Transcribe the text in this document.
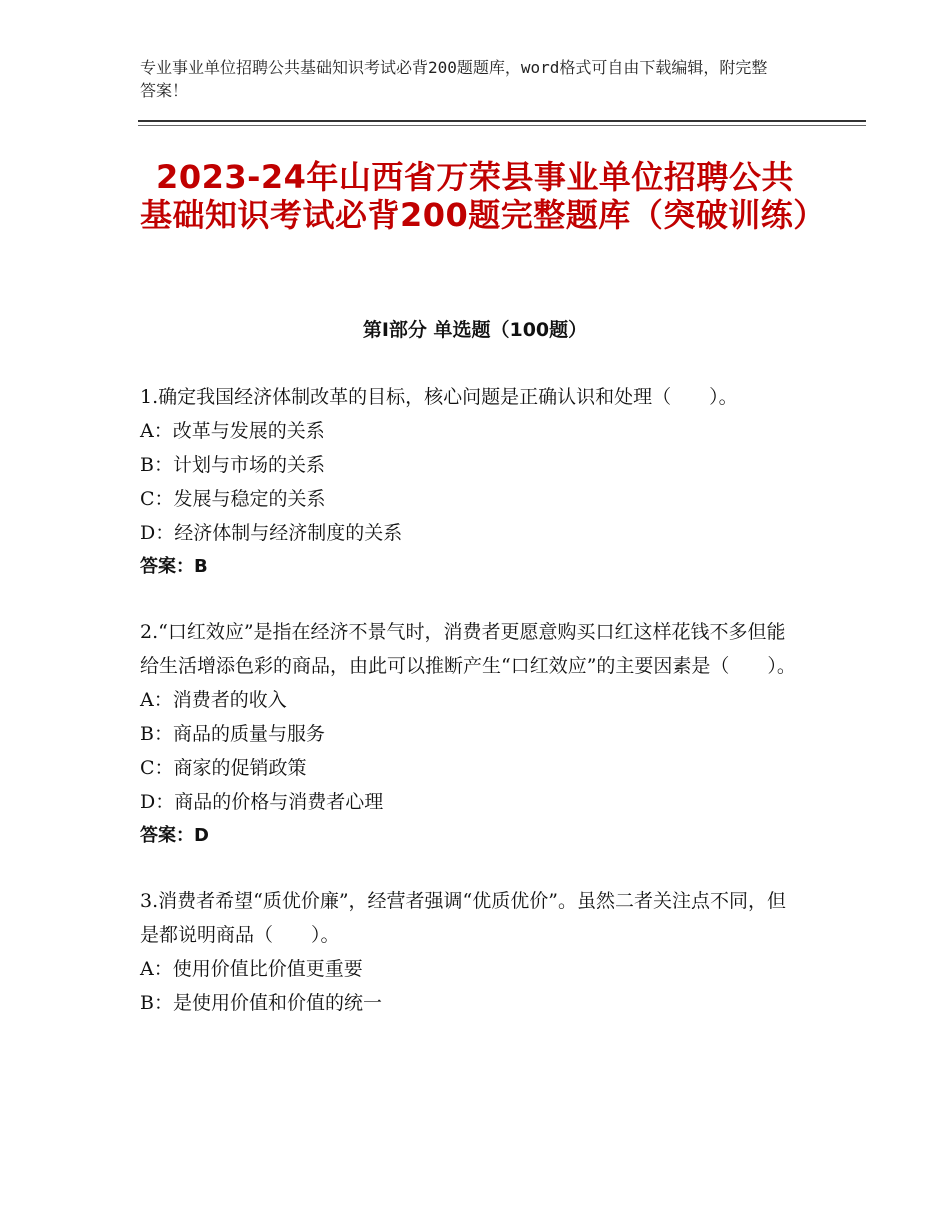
专业事业单位招聘公共基础知识考试必背200题题库，word格式可自由下载编辑，附完整答案！
2023-24年山西省万荣县事业单位招聘公共基础知识考试必背200题完整题库（突破训练）
第Ⅰ部分 单选题（100题）

1.确定我国经济体制改革的目标，核心问题是正确认识和处理（　　）。

A：改革与发展的关系

B：计划与市场的关系

C：发展与稳定的关系

D：经济体制与经济制度的关系

答案：B

2.“口红效应”是指在经济不景气时，消费者更愿意购买口红这样花钱不多但能给生活增添色彩的商品，由此可以推断产生“口红效应”的主要因素是（　　）。

A：消费者的收入

B：商品的质量与服务

C：商家的促销政策

D：商品的价格与消费者心理

答案：D

3.消费者希望“质优价廉”，经营者强调“优质优价”。虽然二者关注点不同，但是都说明商品（　　）。

A：使用价值比价值更重要

B：是使用价值和价值的统一
